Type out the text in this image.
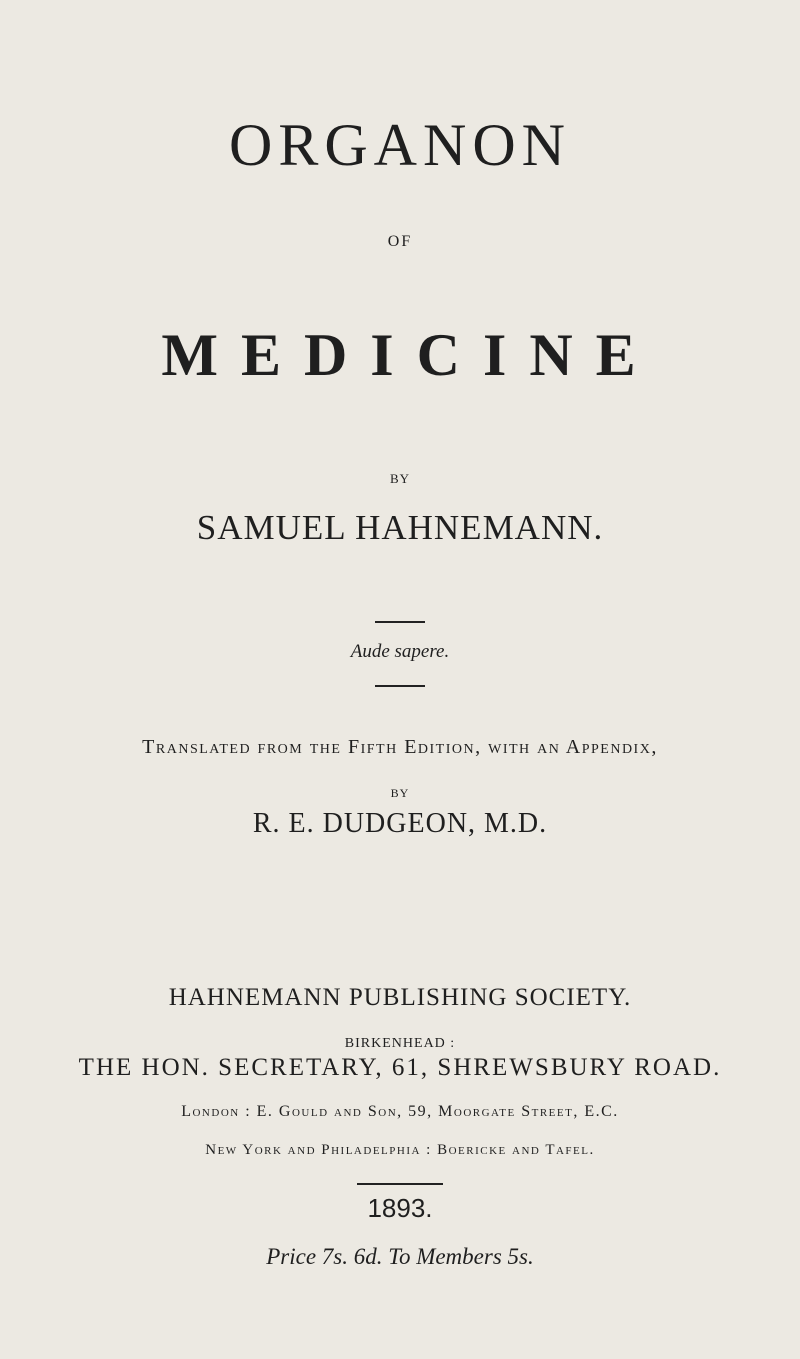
ORGANON
OF
MEDICINE
BY
SAMUEL HAHNEMANN.
Aude sapere.
Translated from the Fifth Edition, with an Appendix,
BY
R. E. DUDGEON, M.D.
HAHNEMANN PUBLISHING SOCIETY.
BIRKENHEAD :
THE HON. SECRETARY, 61, SHREWSBURY ROAD.
London : E. Gould and Son, 59, Moorgate Street, E.C.
New York and Philadelphia : Boericke and Tafel.
1893.
Price 7s. 6d. To Members 5s.
